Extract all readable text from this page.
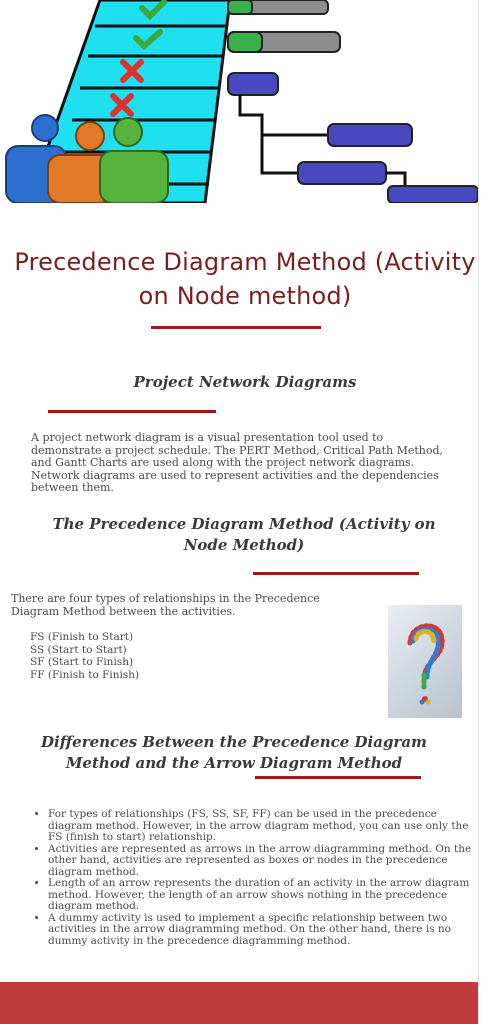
Precedence Diagram Method (Activity on Node method)
Project Network Diagrams

A project network diagram is a visual presentation tool used to demonstrate a project schedule. The PERT Method, Critical Path Method, and Gantt Charts are used along with the project network diagrams. Network diagrams are used to represent activities and the dependencies between them.

The Precedence Diagram Method (Activity on Node Method)

There are four types of relationships in the Precedence Diagram Method between the activities.

FS (Finish to Start)
SS (Start to Start)
SF (Start to Finish)
FF (Finish to Finish)
Differences Between the Precedence Diagram Method and the Arrow Diagram Method
• For types of relationships (FS, SS, SF, FF) can be used in the precedence diagram method. However, in the arrow diagram method, you can use only the FS (finish to start) relationship.
• Activities are represented as arrows in the arrow diagramming method. On the other hand, activities are represented as boxes or nodes in the precedence diagram method.
• Length of an arrow represents the duration of an activity in the arrow diagram method. However, the length of an arrow shows nothing in the precedence diagram method.
• A dummy activity is used to implement a specific relationship between two activities in the arrow diagramming method. On the other hand, there is no dummy activity in the precedence diagramming method.
